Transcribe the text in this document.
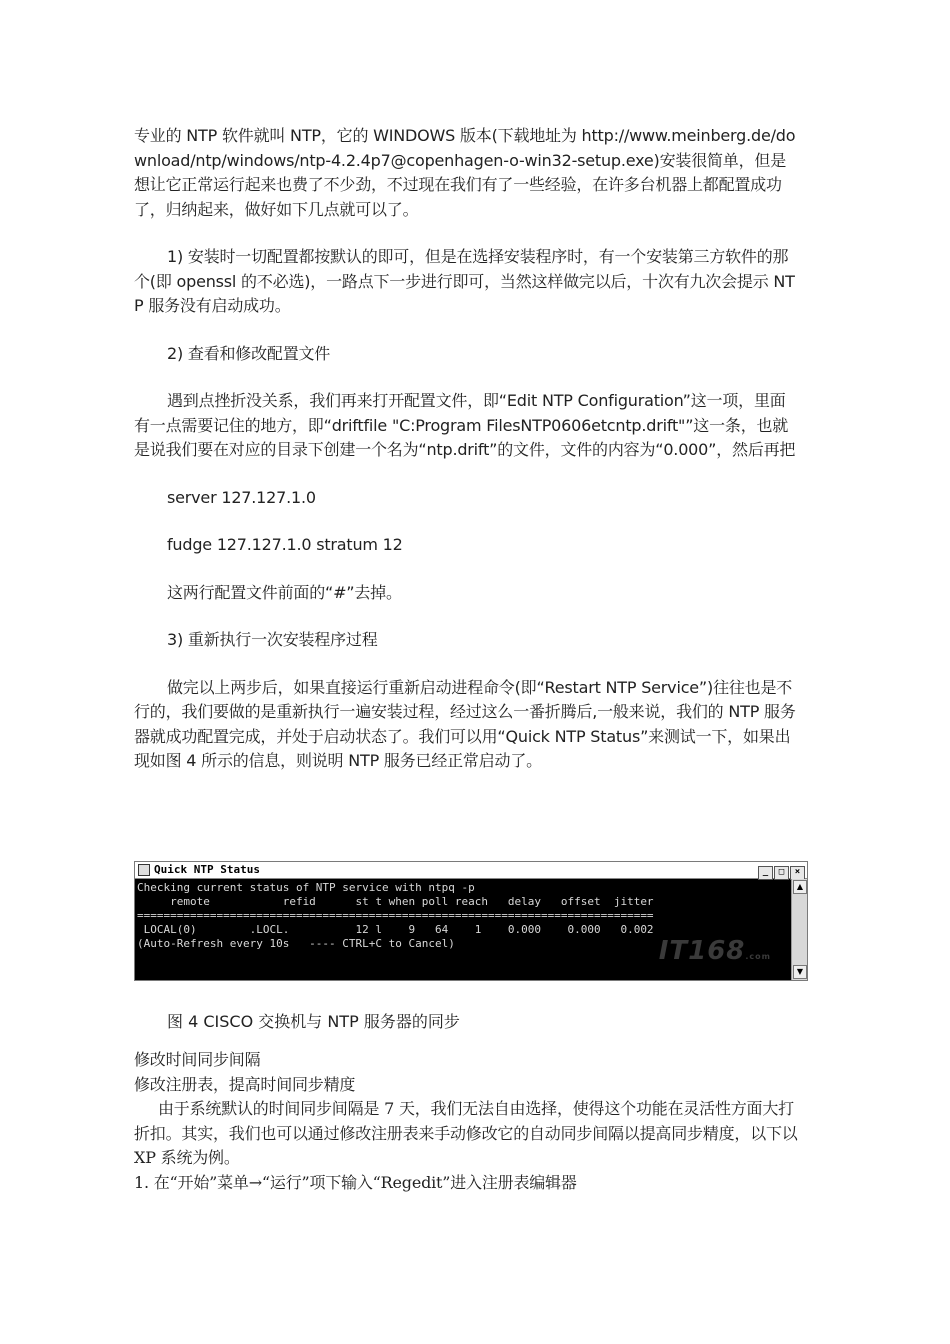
专业的 NTP 软件就叫 NTP，它的 WINDOWS 版本(下载地址为 http://www.meinberg.de/download/ntp/windows/ntp-4.2.4p7@copenhagen-o-win32-setup.exe)安装很简单，但是想让它正常运行起来也费了不少劲，不过现在我们有了一些经验，在许多台机器上都配置成功了，归纳起来，做好如下几点就可以了。

1) 安装时一切配置都按默认的即可，但是在选择安装程序时，有一个安装第三方软件的那个(即 openssl 的不必选)，一路点下一步进行即可，当然这样做完以后，十次有九次会提示 NTP 服务没有启动成功。

2) 查看和修改配置文件

遇到点挫折没关系，我们再来打开配置文件，即“Edit NTP Configuration”这一项，里面有一点需要记住的地方，即“driftfile "C:Program FilesNTP0606etcntp.drift"”这一条，也就是说我们要在对应的目录下创建一个名为“ntp.drift”的文件，文件的内容为“0.000”，然后再把

server 127.127.1.0

fudge 127.127.1.0 stratum 12

这两行配置文件前面的“#”去掉。

3) 重新执行一次安装程序过程

做完以上两步后，如果直接运行重新启动进程命令(即“Restart NTP Service”)往往也是不行的，我们要做的是重新执行一遍安装过程，经过这么一番折腾后,一般来说，我们的 NTP 服务器就成功配置完成，并处于启动状态了。我们可以用“Quick NTP Status”来测试一下，如果出现如图 4 所示的信息，则说明 NTP 服务已经正常启动了。

Quick NTP Status	_ □ ×
Checking current status of NTP service with ntpq -p
remote           refid      st t when poll reach   delay   offset  jitter
==============================================================================
LOCAL(0)        .LOCL.          12 l    9   64    1    0.000    0.000   0.002
(Auto-Refresh every 10s   ---- CTRL+C to Cancel)	IT168.com
▲
▼
图 4 CISCO 交换机与 NTP 服务器的同步

修改时间同步间隔

修改注册表，提高时间同步精度

由于系统默认的时间同步间隔是 7 天，我们无法自由选择，使得这个功能在灵活性方面大打折扣。其实，我们也可以通过修改注册表来手动修改它的自动同步间隔以提高同步精度，以下以 XP 系统为例。

1. 在“开始”菜单→“运行”项下输入“Regedit”进入注册表编辑器
